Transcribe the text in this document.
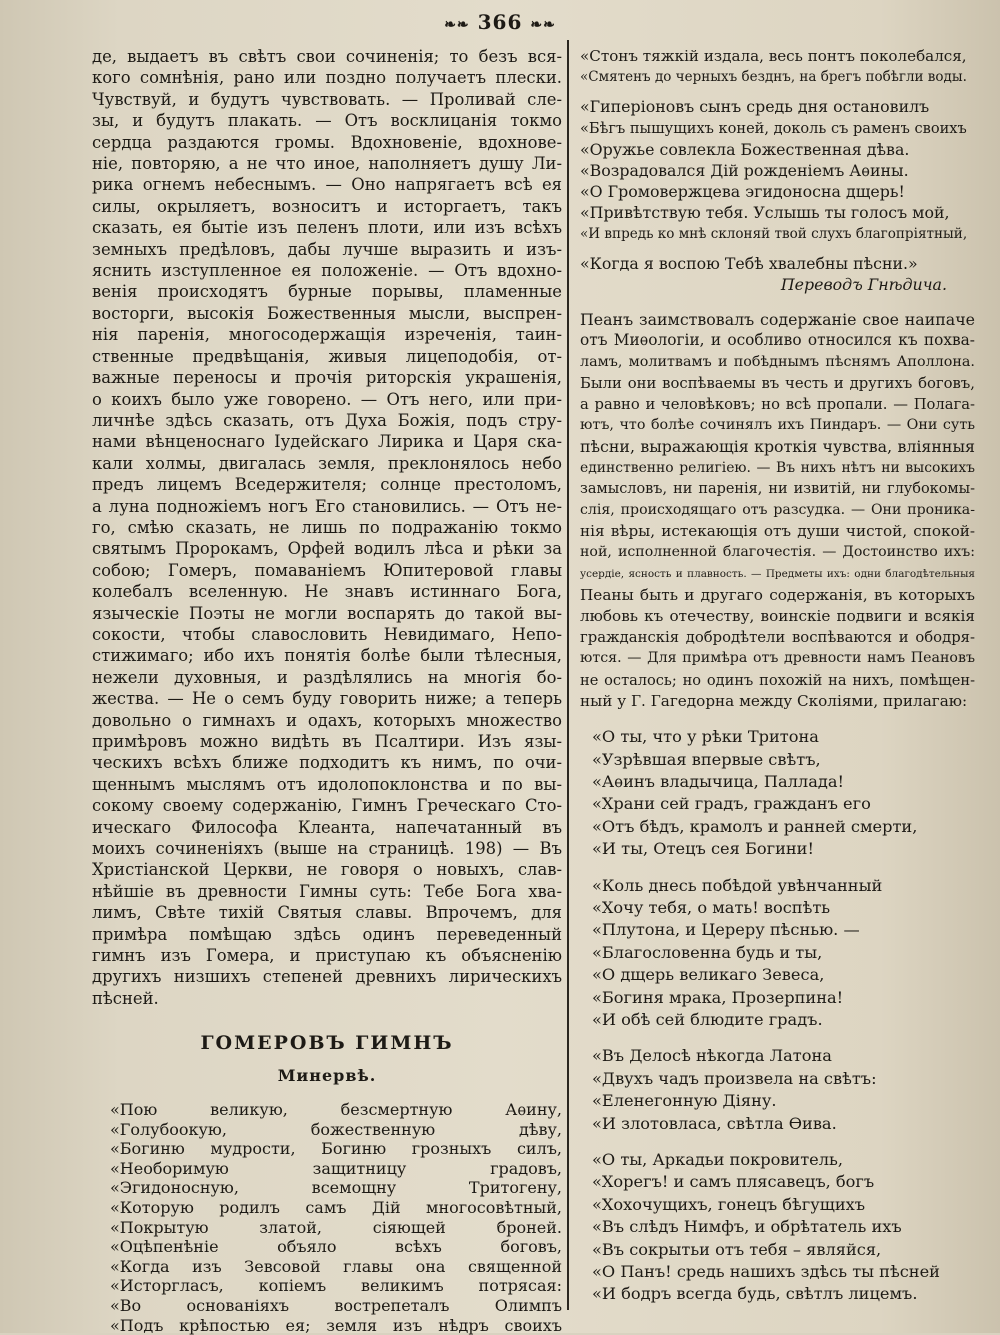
❧❧ 366 ❧❧
де, выдаетъ въ свѣтъ свои сочиненія; то безъ вся-
кого сомнѣнія, рано или поздно получаетъ плески.
Чувствуй, и будутъ чувствовать. — Проливай сле-
зы, и будутъ плакать. — Отъ восклицанія токмо
сердца раздаются громы. Вдохновеніе, вдохнове-
ніе, повторяю, а не что иное, наполняетъ душу Ли-
рика огнемъ небеснымъ. — Оно напрягаетъ всѣ ея
силы, окрыляетъ, возноситъ и исторгаетъ, такъ
сказать, ея бытіе изъ пеленъ плоти, или изъ всѣхъ
земныхъ предѣловъ, дабы лучше выразить и изъ-
яснить изступленное ея положеніе. — Отъ вдохно-
венія происходятъ бурные порывы, пламенные
восторги, высокія Божественныя мысли, выспрен-
нія паренія, многосодержащія изреченія, таин-
ственные предвѣщанія, живыя лицеподобія, от-
важные переносы и прочія риторскія украшенія,
о коихъ было уже говорено. — Отъ него, или при-
личнѣе здѣсь сказать, отъ Духа Божія, подъ стру-
нами вѣнценоснаго Іудейскаго Лирика и Царя ска-
кали холмы, двигалась земля, преклонялось небо
предъ лицемъ Вседержителя; солнце престоломъ,
а луна подножіемъ ногъ Его становились. — Отъ не-
го, смѣю сказать, не лишь по подражанію токмо
святымъ Пророкамъ, Орфей водилъ лѣса и рѣки за
собою; Гомеръ, помаваніемъ Юпитеровой главы
колебалъ вселенную. Не знавъ истиннаго Бога,
языческіе Поэты не могли воспарять до такой вы-
сокости, чтобы славословить Невидимаго, Непо-
стижимаго; ибо ихъ понятія болѣе были тѣлесныя,
нежели духовныя, и раздѣлялись на многія бо-
жества. — Не о семъ буду говорить ниже; а теперь
довольно о гимнахъ и одахъ, которыхъ множество
примѣровъ можно видѣть въ Псалтири. Изъ язы-
ческихъ всѣхъ ближе подходитъ къ нимъ, по очи-
щеннымъ мыслямъ отъ идолопоклонства и по вы-
сокому своему содержанію, Гимнъ Греческаго Сто-
ическаго Философа Клеанта, напечатанный въ
моихъ сочиненіяхъ (выше на страницѣ. 198) — Въ
Христіанской Церкви, не говоря о новыхъ, слав-
нѣйшіе въ древности Гимны суть: Тебе Бога хва-
лимъ, Свѣте тихій Святыя славы. Впрочемъ, для
примѣра помѣщаю здѣсь одинъ переведенный
гимнъ изъ Гомера, и приступаю къ объясненію
другихъ низшихъ степеней древнихъ лирическихъ
пѣсней.
ГОМЕРОВЪ ГИМНЪ
Минервѣ.
«Пою великую, безсмертную Аѳину,
«Голубоокую, божественную дѣву,
«Богиню мудрости, Богиню грозныхъ силъ,
«Необоримую защитницу градовъ,
«Эгидоносную, всемощну Тритогену,
«Которую родилъ самъ Дій многосовѣтный,
«Покрытую златой, сіяющей броней.
«Оцѣпенѣніе объяло всѣхъ боговъ,
«Когда изъ Зевсовой главы она священной
«Исторгласъ, копіемъ великимъ потрясая:
«Во основаніяхъ вострепеталъ Олимпъ
«Подъ крѣпостью ея; земля изъ нѣдръ своихъ
«Стонъ тяжкій издала, весь понтъ поколебался,
«Смятенъ до черныхъ безднъ, на брегъ побѣгли воды.
«Гиперіоновъ сынъ средь дня остановилъ
«Бѣгъ пышущихъ коней, доколь съ раменъ своихъ
«Оружье совлекла Божественная дѣва.
«Возрадовался Дій рожденіемъ Аѳины.
«О Громовержцева эгидоносна дщерь!
«Привѣтствую тебя. Услышь ты голосъ мой,
«И впредь ко мнѣ склоняй твой слухъ благопріятный,
«Когда я воспою Тебѣ хвалебны пѣсни.»
Переводъ Гнѣдича.
Пеанъ заимствовалъ содержаніе свое наипаче
отъ Миѳологіи, и особливо относился къ похва-
ламъ, молитвамъ и побѣднымъ пѣснямъ Аполлона.
Были они воспѣваемы въ честь и другихъ боговъ,
а равно и человѣковъ; но всѣ пропали. — Полага-
ютъ, что болѣе сочинялъ ихъ Пиндаръ. — Они суть
пѣсни, выражающія кроткія чувства, вліянныя
единственно религіею. — Въ нихъ нѣтъ ни высокихъ
замысловъ, ни паренія, ни извитій, ни глубокомы-
слія, происходящаго отъ разсудка. — Они проника-
нія вѣры, истекающія отъ души чистой, спокой-
ной, исполненной благочестія. — Достоинство ихъ:
усердіе, ясность и плавность. — Предметы ихъ: одни благодѣтельныя
Пеаны быть и другаго содержанія, въ которыхъ
любовь къ отечеству, воинскіе подвиги и всякія
гражданскія добродѣтели воспѣваются и ободря-
ются. — Для примѣра отъ древности намъ Пеановъ
не осталось; но одинъ похожій на нихъ, помѣщен-
ный у Г. Гагедорна между Сколіями, прилагаю:
«О ты, что у рѣки Тритона
«Узрѣвшая впервые свѣтъ,
«Аѳинъ владычица, Паллада!
«Храни сей градъ, гражданъ его
«Отъ бѣдъ, крамолъ и ранней смерти,
«И ты, Отецъ сея Богини!
«Коль днесь побѣдой увѣнчанный
«Хочу тебя, о мать! воспѣть
«Плутона, и Цереру пѣснью. —
«Благословенна будь и ты,
«О дщерь великаго Зевеса,
«Богиня мрака, Прозерпина!
«И обѣ сей блюдите градъ.
«Въ Делосѣ нѣкогда Латона
«Двухъ чадъ произвела на свѣтъ:
«Еленегонную Діяну.
«И злотовласа, свѣтла Ѳива.
«О ты, Аркадьи покровитель,
«Хорегъ! и самъ плясавецъ, богъ
«Хохочущихъ, гонецъ бѣгущихъ
«Въ слѣдъ Нимфъ, и обрѣтатель ихъ
«Въ сокрытьи отъ тебя – являйся,
«О Панъ! средь нашихъ здѣсь ты пѣсней
«И бодръ всегда будь, свѣтлъ лицемъ.
